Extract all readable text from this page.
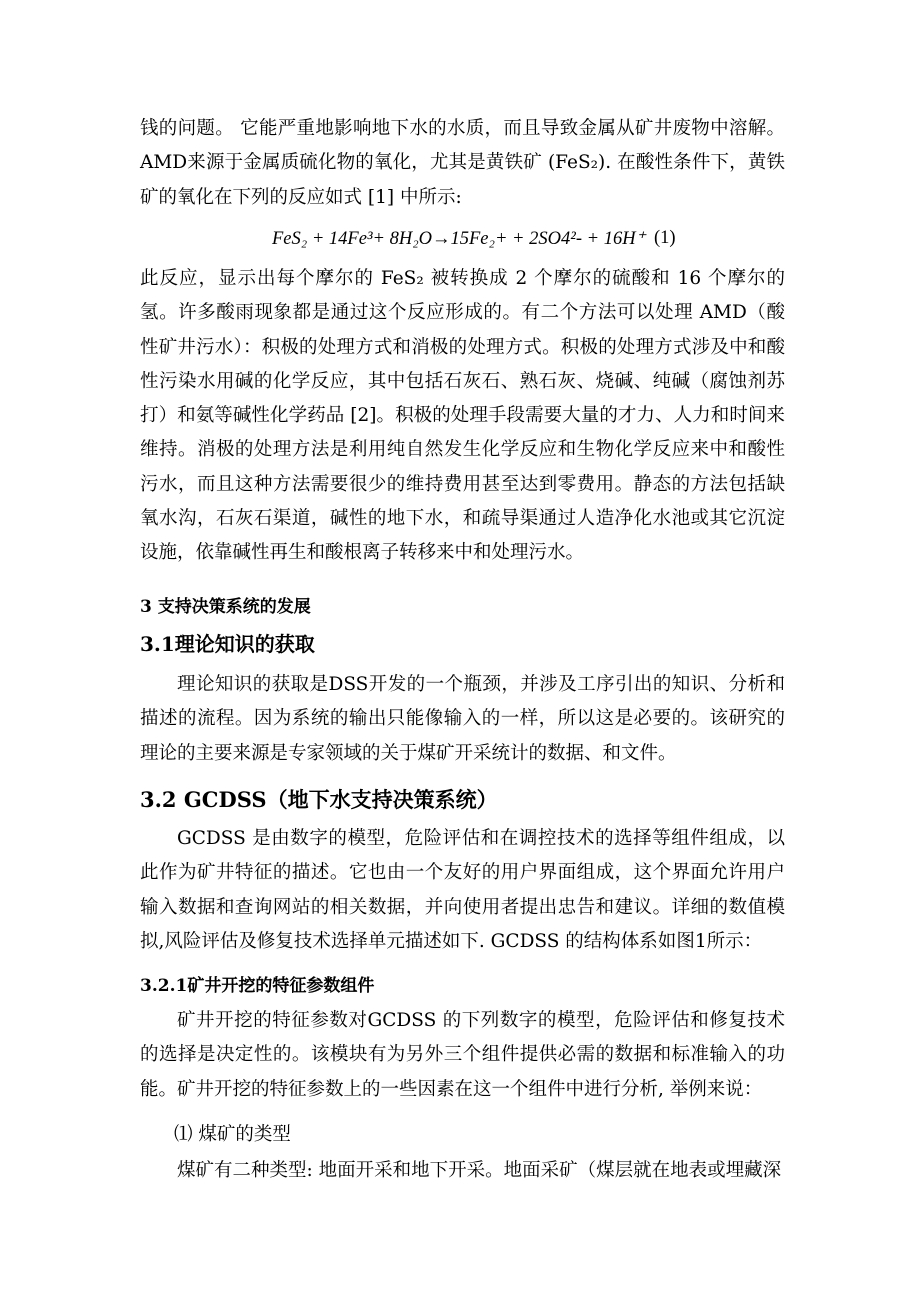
钱的问题。 它能严重地影响地下水的水质，而且导致金属从矿井废物中溶解。AMD来源于金属质硫化物的氧化，尤其是黄铁矿 (FeS₂). 在酸性条件下，黄铁矿的氧化在下列的反应如式 [1] 中所示:

FeS₂ + 14Fe³+ 8H₂O→15Fe₂+ + 2SO4²- + 16H⁺ (1)

此反应，显示出每个摩尔的 FeS₂ 被转换成 2 个摩尔的硫酸和 16 个摩尔的氢。许多酸雨现象都是通过这个反应形成的。有二个方法可以处理 AMD（酸性矿井污水）：积极的处理方式和消极的处理方式。积极的处理方式涉及中和酸性污染水用碱的化学反应，其中包括石灰石、熟石灰、烧碱、纯碱（腐蚀剂苏打）和氨等碱性化学药品 [2]。积极的处理手段需要大量的才力、人力和时间来维持。消极的处理方法是利用纯自然发生化学反应和生物化学反应来中和酸性污水，而且这种方法需要很少的维持费用甚至达到零费用。静态的方法包括缺氧水沟，石灰石渠道，碱性的地下水，和疏导渠通过人造净化水池或其它沉淀设施，依靠碱性再生和酸根离子转移来中和处理污水。

3 支持决策系统的发展
3.1理论知识的获取

理论知识的获取是DSS开发的一个瓶颈，并涉及工序引出的知识、分析和描述的流程。因为系统的输出只能像输入的一样，所以这是必要的。该研究的理论的主要来源是专家领域的关于煤矿开采统计的数据、和文件。

3.2 GCDSS（地下水支持决策系统）

GCDSS 是由数字的模型，危险评估和在调控技术的选择等组件组成，以此作为矿井特征的描述。它也由一个友好的用户界面组成，这个界面允许用户输入数据和查询网站的相关数据，并向使用者提出忠告和建议。详细的数值模拟,风险评估及修复技术选择单元描述如下. GCDSS 的结构体系如图1所示：

3.2.1矿井开挖的特征参数组件

矿井开挖的特征参数对GCDSS 的下列数字的模型，危险评估和修复技术的选择是决定性的。该模块有为另外三个组件提供必需的数据和标准输入的功能。矿井开挖的特征参数上的一些因素在这一个组件中进行分析, 举例来说：

⑴ 煤矿的类型

煤矿有二种类型: 地面开采和地下开采。地面采矿（煤层就在地表或埋藏深
